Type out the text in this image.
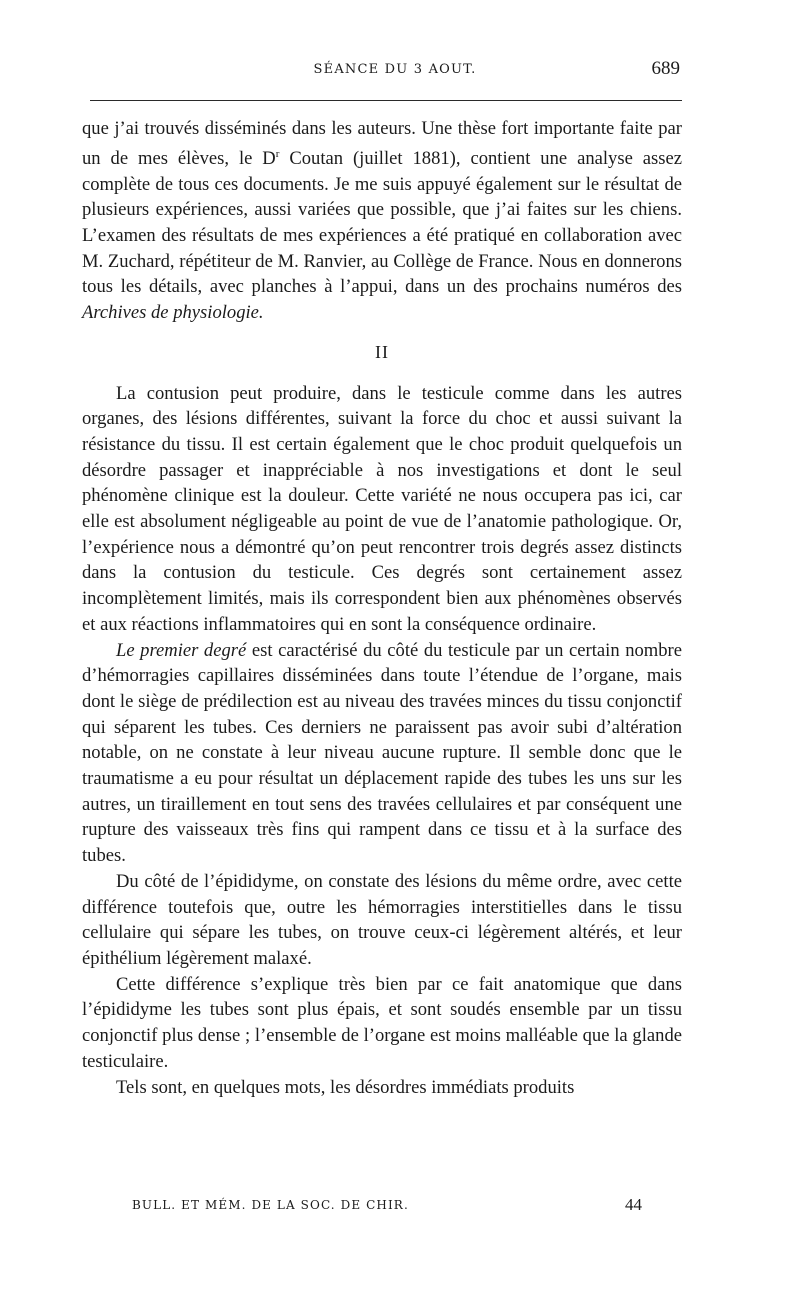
SÉANCE DU 3 AOUT.	689

que j’ai trouvés disséminés dans les auteurs. Une thèse fort importante faite par un de mes élèves, le $D^r$ Coutan (juillet 1881), contient une analyse assez complète de tous ces documents. Je me suis appuyé également sur le résultat de plusieurs expériences, aussi variées que possible, que j’ai faites sur les chiens. L’examen des résultats de mes expériences a été pratiqué en collaboration avec M. Zuchard, répétiteur de M. Ranvier, au Collège de France. Nous en donnerons tous les détails, avec planches à l’appui, dans un des prochains numéros des Archives de physiologie.

II

La contusion peut produire, dans le testicule comme dans les autres organes, des lésions différentes, suivant la force du choc et aussi suivant la résistance du tissu. Il est certain également que le choc produit quelquefois un désordre passager et inappréciable à nos investigations et dont le seul phénomène clinique est la douleur. Cette variété ne nous occupera pas ici, car elle est absolument négligeable au point de vue de l’anatomie pathologique. Or, l’expérience nous a démontré qu’on peut rencontrer trois degrés assez distincts dans la contusion du testicule. Ces degrés sont certainement assez incomplètement limités, mais ils correspondent bien aux phénomènes observés et aux réactions inflammatoires qui en sont la conséquence ordinaire.

Le premier degré est caractérisé du côté du testicule par un certain nombre d’hémorragies capillaires disséminées dans toute l’étendue de l’organe, mais dont le siège de prédilection est au niveau des travées minces du tissu conjonctif qui séparent les tubes. Ces derniers ne paraissent pas avoir subi d’altération notable, on ne constate à leur niveau aucune rupture. Il semble donc que le traumatisme a eu pour résultat un déplacement rapide des tubes les uns sur les autres, un tiraillement en tout sens des travées cellulaires et par conséquent une rupture des vaisseaux très fins qui rampent dans ce tissu et à la surface des tubes.

Du côté de l’épididyme, on constate des lésions du même ordre, avec cette différence toutefois que, outre les hémorragies interstitielles dans le tissu cellulaire qui sépare les tubes, on trouve ceux-ci légèrement altérés, et leur épithélium légèrement malaxé.

Cette différence s’explique très bien par ce fait anatomique que dans l’épididyme les tubes sont plus épais, et sont soudés ensemble par un tissu conjonctif plus dense ; l’ensemble de l’organe est moins malléable que la glande testiculaire.

Tels sont, en quelques mots, les désordres immédiats produits

BULL. ET MÉM. DE LA SOC. DE CHIR.	44
